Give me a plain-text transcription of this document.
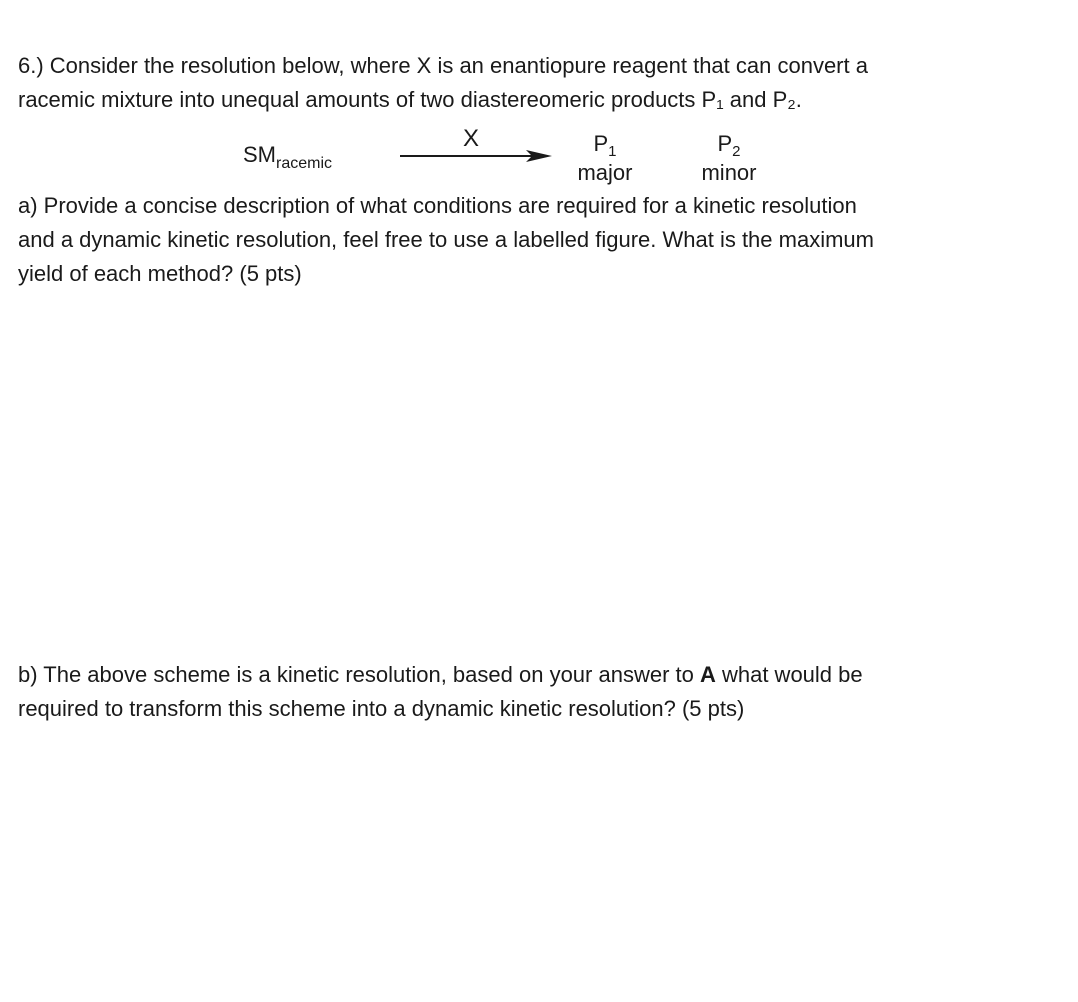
6.) Consider the resolution below, where X is an enantiopure reagent that can convert a
racemic mixture into unequal amounts of two diastereomeric products P₁ and P₂.

$SM_{racemic}$
X	$P_1$
major
$P_2$
minor

a) Provide a concise description of what conditions are required for a kinetic resolution
and a dynamic kinetic resolution, feel free to use a labelled figure. What is the maximum
yield of each method? (5 pts)

b) The above scheme is a kinetic resolution, based on your answer to A what would be
required to transform this scheme into a dynamic kinetic resolution? (5 pts)
